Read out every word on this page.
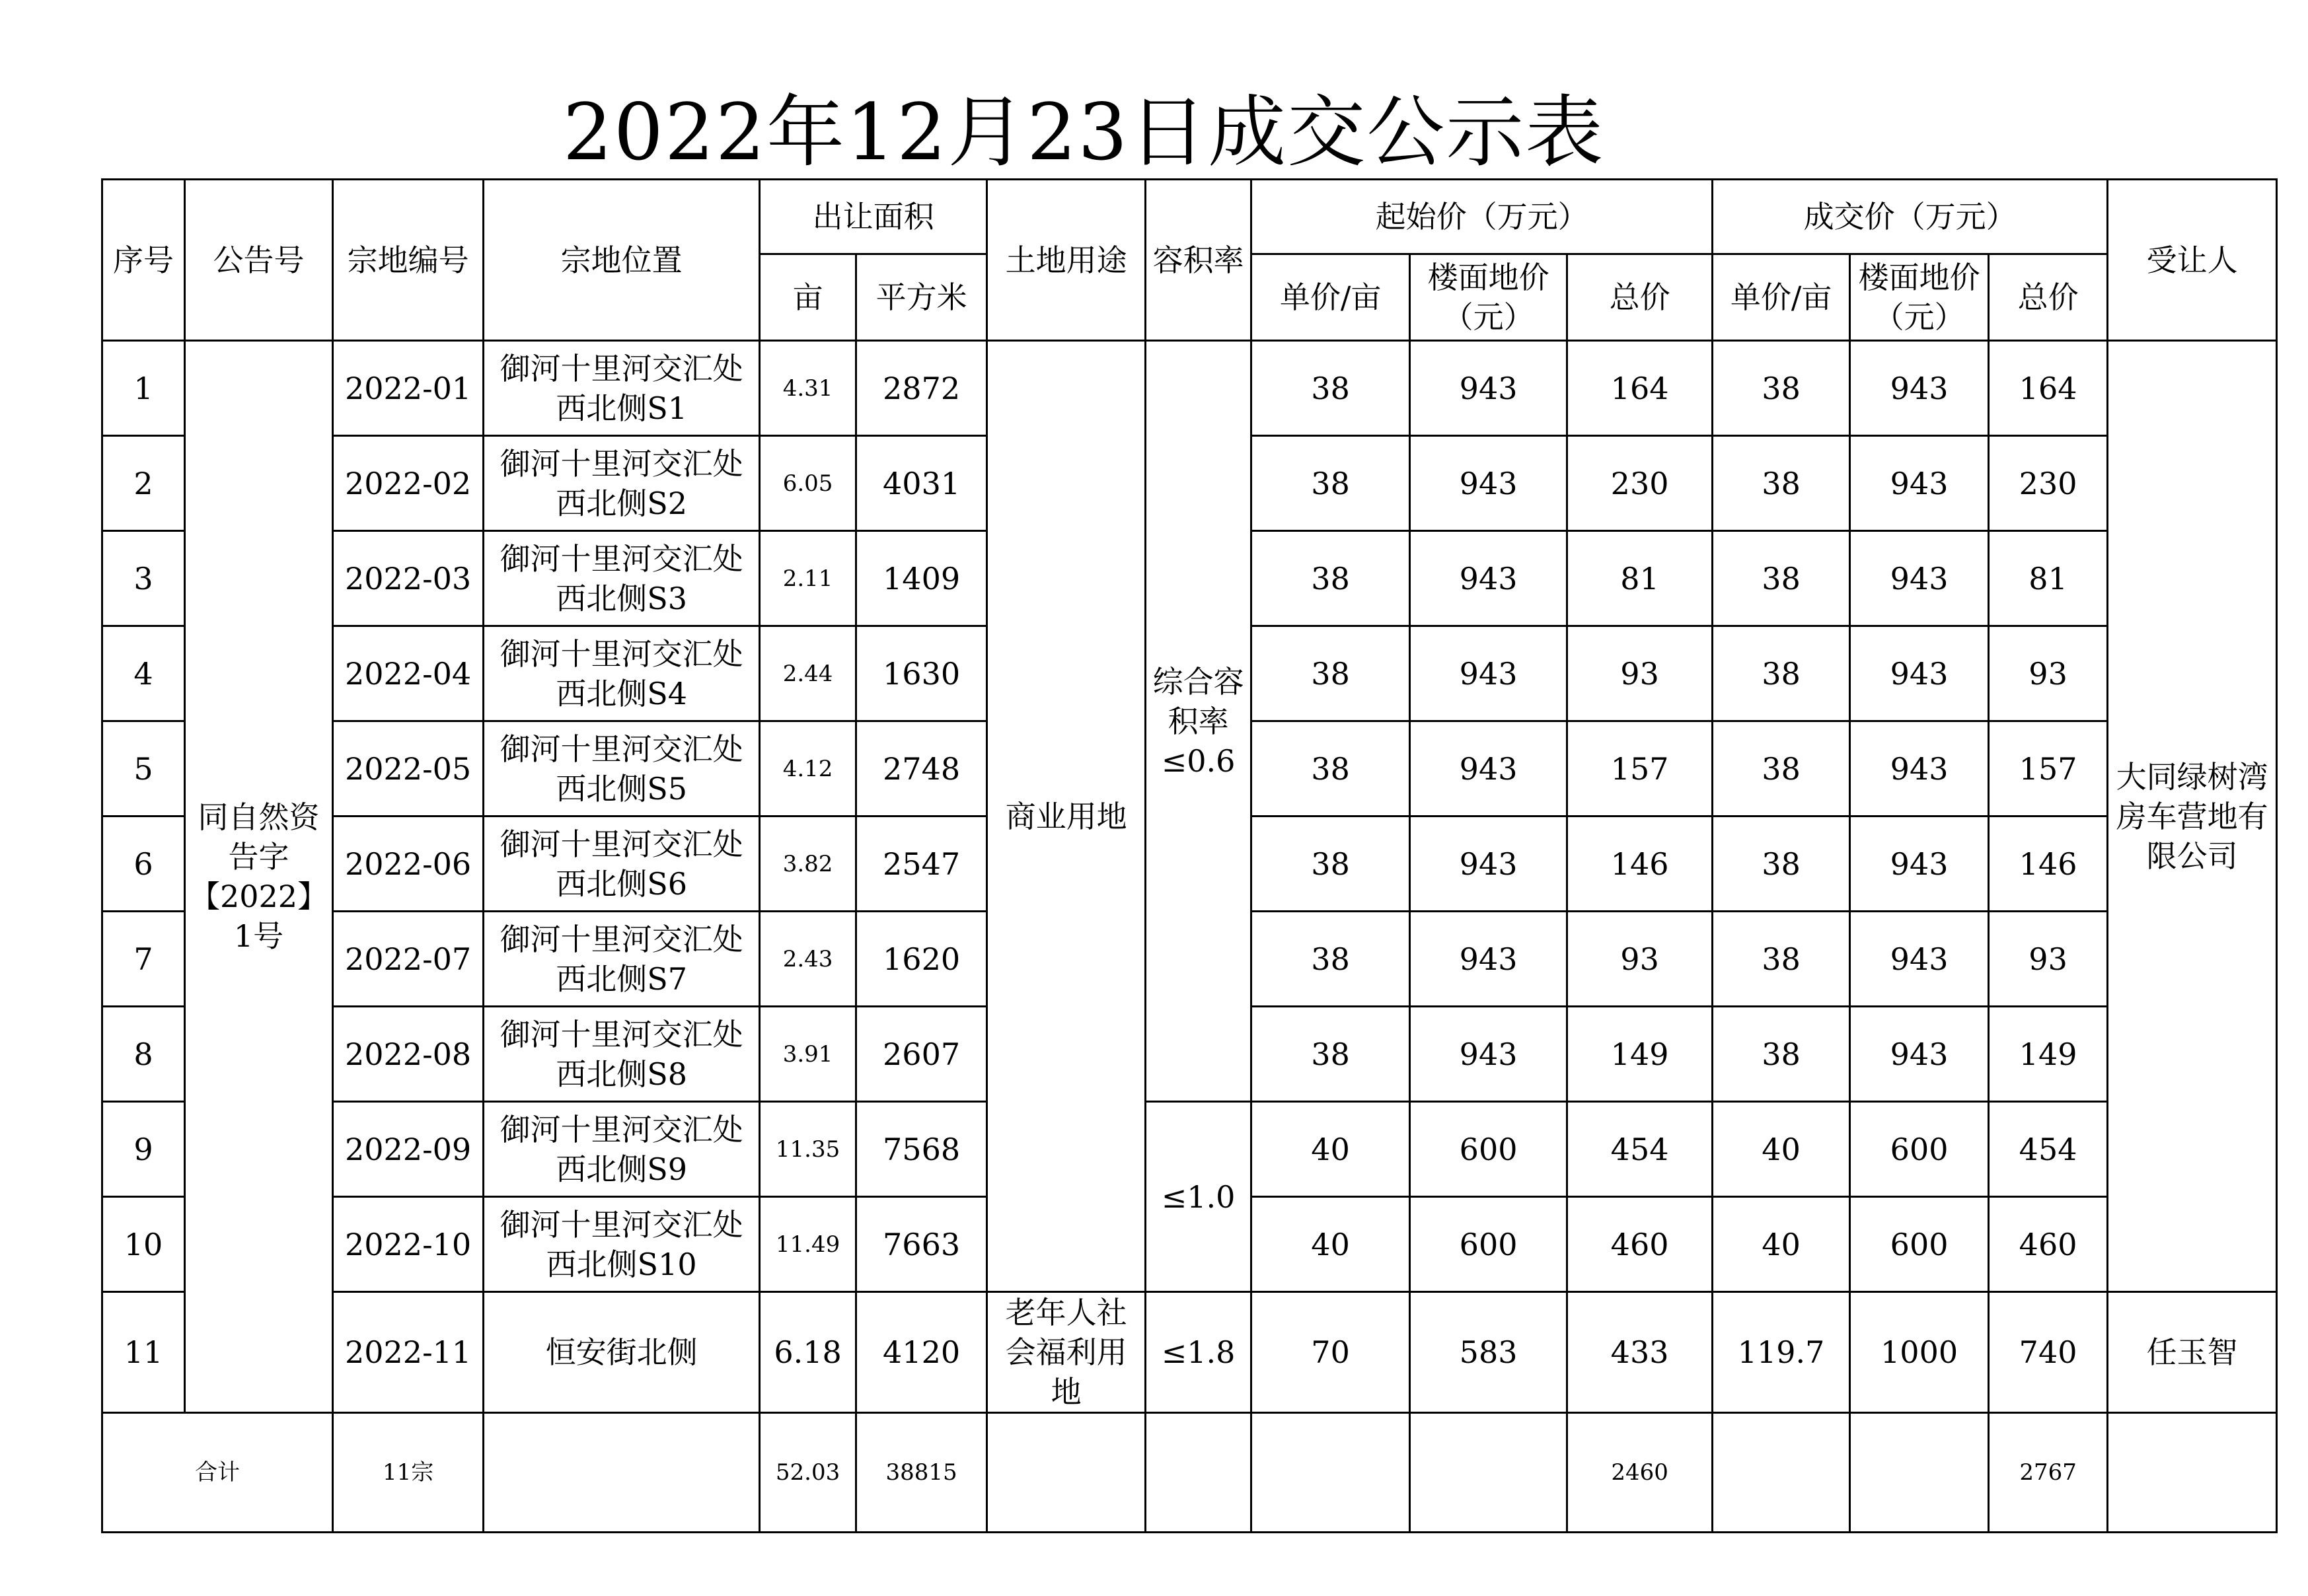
2022年12月23日成交公示表
序号	公告号	宗地编号	宗地位置	出让面积		土地用途	容积率	起始价（万元）			成交价（万元）			受让人
				亩	平方米			单价/亩	楼面地价（元）	总价	单价/亩	楼面地价（元）	总价	
1	同自然资告字【2022】1号	2022-01	御河十里河交汇处西北侧S1	4.31	2872	商业用地	综合容积率≤0.6	38	943	164	38	943	164	大同绿树湾房车营地有限公司
2		2022-02	御河十里河交汇处西北侧S2	6.05	4031			38	943	230	38	943	230	
3		2022-03	御河十里河交汇处西北侧S3	2.11	1409			38	943	81	38	943	81	
4		2022-04	御河十里河交汇处西北侧S4	2.44	1630			38	943	93	38	943	93	
5		2022-05	御河十里河交汇处西北侧S5	4.12	2748			38	943	157	38	943	157	
6		2022-06	御河十里河交汇处西北侧S6	3.82	2547			38	943	146	38	943	146	
7		2022-07	御河十里河交汇处西北侧S7	2.43	1620			38	943	93	38	943	93	
8		2022-08	御河十里河交汇处西北侧S8	3.91	2607			38	943	149	38	943	149	
9		2022-09	御河十里河交汇处西北侧S9	11.35	7568		≤1.0	40	600	454	40	600	454	
10		2022-10	御河十里河交汇处西北侧S10	11.49	7663			40	600	460	40	600	460	
11		2022-11	恒安街北侧	6.18	4120	老年人社会福利用地	≤1.8	70	583	433	119.7	1000	740	任玉智
合计		11宗		52.03	38815					2460			2767	
